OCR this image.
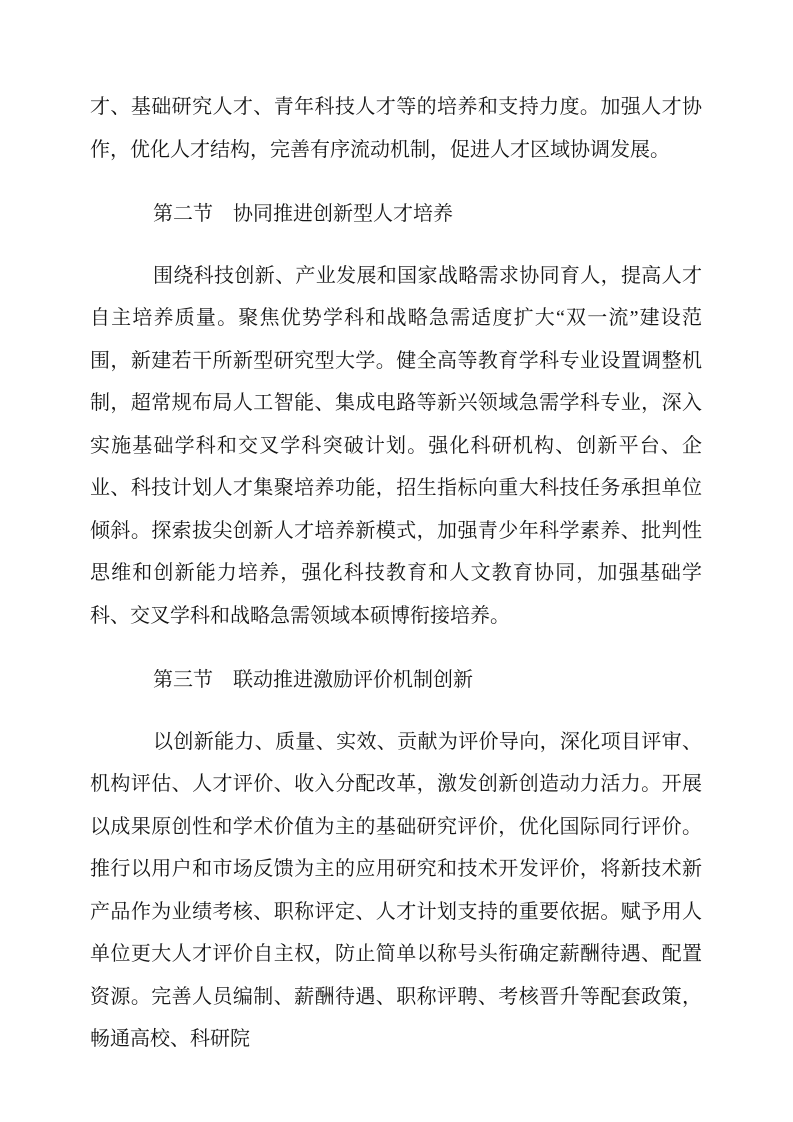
才、基础研究人才、青年科技人才等的培养和支持力度。加强人才协作，优化人才结构，完善有序流动机制，促进人才区域协调发展。

第二节　协同推进创新型人才培养

围绕科技创新、产业发展和国家战略需求协同育人，提高人才自主培养质量。聚焦优势学科和战略急需适度扩大“双一流”建设范围，新建若干所新型研究型大学。健全高等教育学科专业设置调整机制，超常规布局人工智能、集成电路等新兴领域急需学科专业，深入实施基础学科和交叉学科突破计划。强化科研机构、创新平台、企业、科技计划人才集聚培养功能，招生指标向重大科技任务承担单位倾斜。探索拔尖创新人才培养新模式，加强青少年科学素养、批判性思维和创新能力培养，强化科技教育和人文教育协同，加强基础学科、交叉学科和战略急需领域本硕博衔接培养。

第三节　联动推进激励评价机制创新

以创新能力、质量、实效、贡献为评价导向，深化项目评审、机构评估、人才评价、收入分配改革，激发创新创造动力活力。开展以成果原创性和学术价值为主的基础研究评价，优化国际同行评价。推行以用户和市场反馈为主的应用研究和技术开发评价，将新技术新产品作为业绩考核、职称评定、人才计划支持的重要依据。赋予用人单位更大人才评价自主权，防止简单以称号头衔确定薪酬待遇、配置资源。完善人员编制、薪酬待遇、职称评聘、考核晋升等配套政策，畅通高校、科研院
